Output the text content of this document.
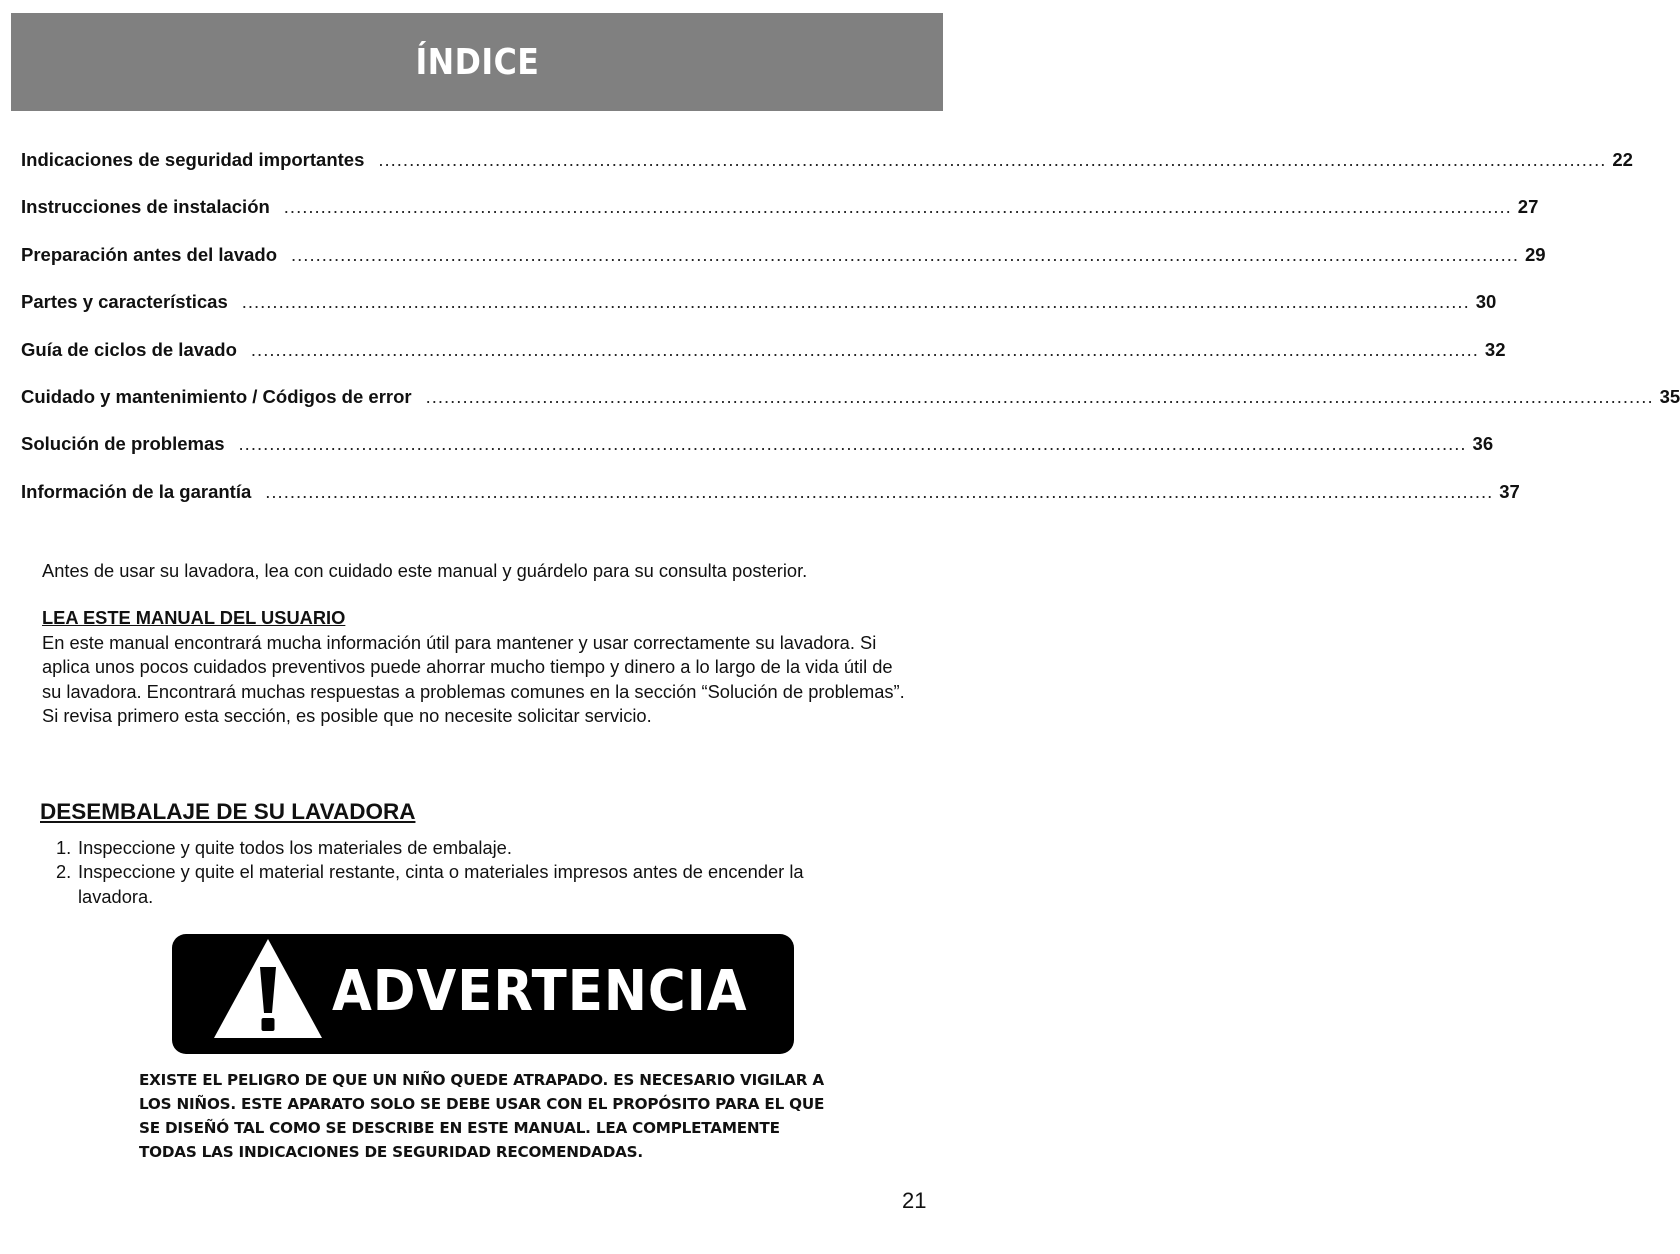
ÍNDICE
Indicaciones de seguridad importantes ........................................................................................................................................................................................................ 22
Instrucciones de instalación ........................................................................................................................................................................................................ 27
Preparación antes del lavado ........................................................................................................................................................................................................ 29
Partes y características ........................................................................................................................................................................................................ 30
Guía de ciclos de lavado ........................................................................................................................................................................................................ 32
Cuidado y mantenimiento / Códigos de error ........................................................................................................................................................................................................ 35
Solución de problemas ........................................................................................................................................................................................................ 36
Información de la garantía ........................................................................................................................................................................................................ 37

Antes de usar su lavadora, lea con cuidado este manual y guárdelo para su consulta posterior.

LEA ESTE MANUAL DEL USUARIO

En este manual encontrará mucha información útil para mantener y usar correctamente su lavadora. Si aplica unos pocos cuidados preventivos puede ahorrar mucho tiempo y dinero a lo largo de la vida útil de su lavadora. Encontrará muchas respuestas a problemas comunes en la sección “Solución de problemas”. Si revisa primero esta sección, es posible que no necesite solicitar servicio.

DESEMBALAJE DE SU LAVADORA
1. Inspeccione y quite todos los materiales de embalaje.
2. Inspeccione y quite el material restante, cinta o materiales impresos antes de encender la lavadora.
ADVERTENCIA

EXISTE EL PELIGRO DE QUE UN NIÑO QUEDE ATRAPADO. ES NECESARIO VIGILAR A LOS NIÑOS. ESTE APARATO SOLO SE DEBE USAR CON EL PROPÓSITO PARA EL QUE SE DISEÑÓ TAL COMO SE DESCRIBE EN ESTE MANUAL. LEA COMPLETAMENTE TODAS LAS INDICACIONES DE SEGURIDAD RECOMENDADAS.

21
